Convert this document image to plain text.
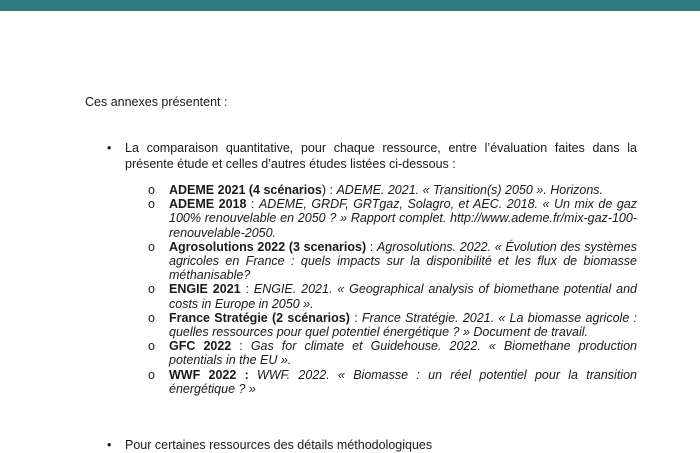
Ces annexes présentent :
• La comparaison quantitative, pour chaque ressource, entre l’évaluation faites dans la présente étude et celles d’autres études listées ci-dessous :
o ADEME 2021 (4 scénarios) : ADEME. 2021. « Transition(s) 2050 ». Horizons.
o ADEME 2018 : ADEME, GRDF, GRTgaz, Solagro, et AEC. 2018. « Un mix de gaz 100% renouvelable en 2050 ? » Rapport complet. http://www.ademe.fr/mix-gaz-100-renouvelable-2050.
o Agrosolutions 2022 (3 scenarios) : Agrosolutions. 2022. « Évolution des systèmes agricoles en France : quels impacts sur la disponibilité et les flux de biomasse méthanisable?
o ENGIE 2021 : ENGIE. 2021. « Geographical analysis of biomethane potential and costs in Europe in 2050 ».
o France Stratégie (2 scénarios) : France Stratégie. 2021. « La biomasse agricole : quelles ressources pour quel potentiel énergétique ? » Document de travail.
o GFC 2022 : Gas for climate et Guidehouse. 2022. « Biomethane production potentials in the EU ».
o WWF 2022 : WWF. 2022. « Biomasse : un réel potentiel pour la transition énergétique ? »
• Pour certaines ressources des détails méthodologiques
